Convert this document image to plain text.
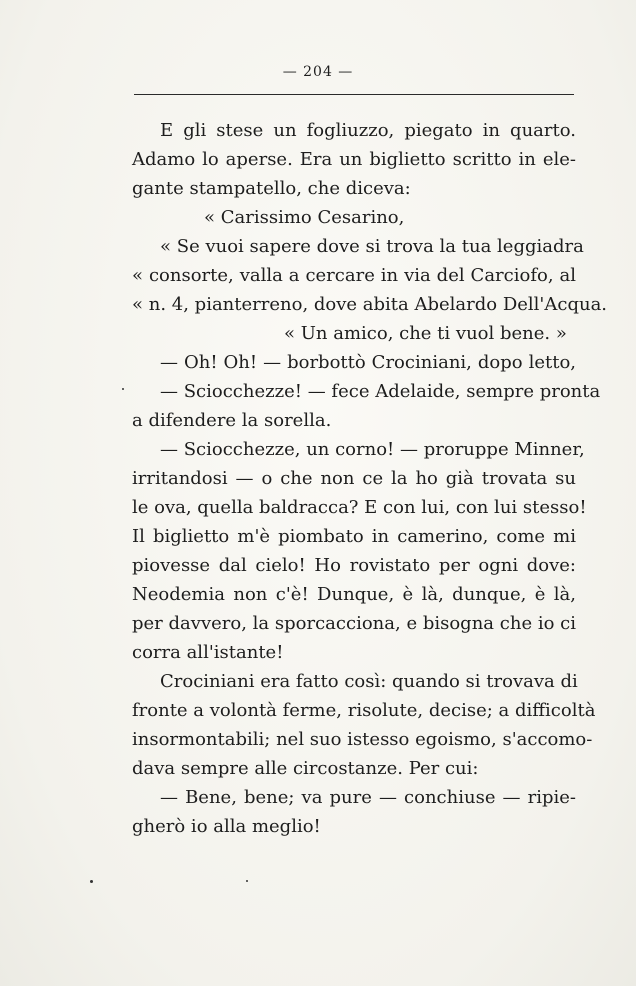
— 204 —
E gli stese un fogliuzzo, piegato in quarto.
Adamo lo aperse. Era un biglietto scritto in ele-
gante stampatello, che diceva:
« Carissimo Cesarino,
« Se vuoi sapere dove si trova la tua leggiadra
« consorte, valla a cercare in via del Carciofo, al
« n. 4, pianterreno, dove abita Abelardo Dell'Acqua.
« Un amico, che ti vuol bene. »
— Oh! Oh! — borbottò Crociniani, dopo letto,
— Sciocchezze! — fece Adelaide, sempre pronta
a difendere la sorella.
— Sciocchezze, un corno! — proruppe Minner,
irritandosi — o che non ce la ho già trovata su
le ova, quella baldracca? E con lui, con lui stesso!
Il biglietto m'è piombato in camerino, come mi
piovesse dal cielo! Ho rovistato per ogni dove:
Neodemia non c'è! Dunque, è là, dunque, è là,
per davvero, la sporcacciona, e bisogna che io ci
corra all'istante!
Crociniani era fatto così: quando si trovava di
fronte a volontà ferme, risolute, decise; a difficoltà
insormontabili; nel suo istesso egoismo, s'accomo-
dava sempre alle circostanze. Per cui:
— Bene, bene; va pure — conchiuse — ripie-
gherò io alla meglio!
